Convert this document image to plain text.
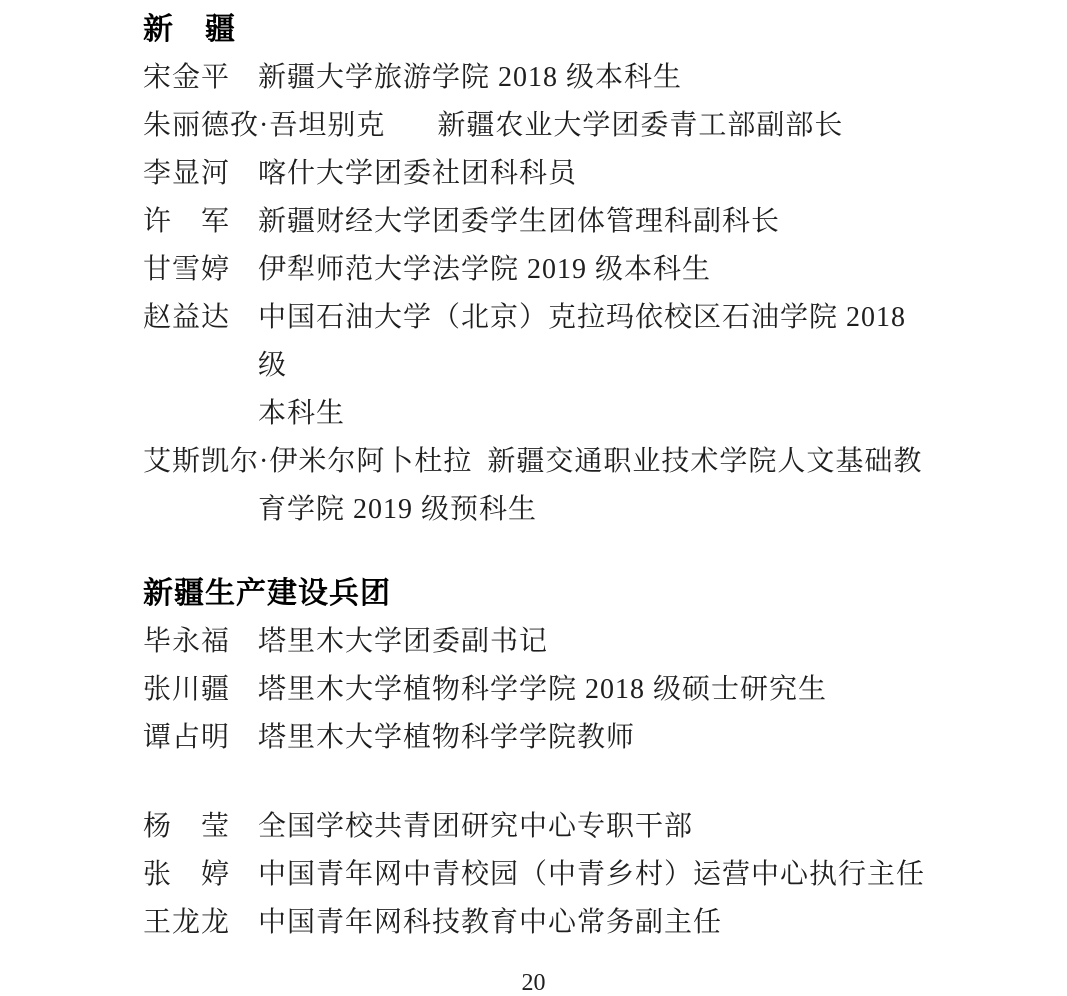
新　疆

宋金平 新疆大学旅游学院 2018 级本科生

朱丽德孜·吾坦别克 新疆农业大学团委青工部副部长

李显河 喀什大学团委社团科科员

许　军 新疆财经大学团委学生团体管理科副科长

甘雪婷 伊犁师范大学法学院 2019 级本科生

赵益达 中国石油大学（北京）克拉玛依校区石油学院 2018 级
本科生

艾斯凯尔·伊米尔阿卜杜拉 新疆交通职业技术学院人文基础教
育学院 2019 级预科生

新疆生产建设兵团

毕永福 塔里木大学团委副书记

张川疆 塔里木大学植物科学学院 2018 级硕士研究生

谭占明 塔里木大学植物科学学院教师

杨　莹 全国学校共青团研究中心专职干部

张　婷 中国青年网中青校园（中青乡村）运营中心执行主任

王龙龙 中国青年网科技教育中心常务副主任

20
